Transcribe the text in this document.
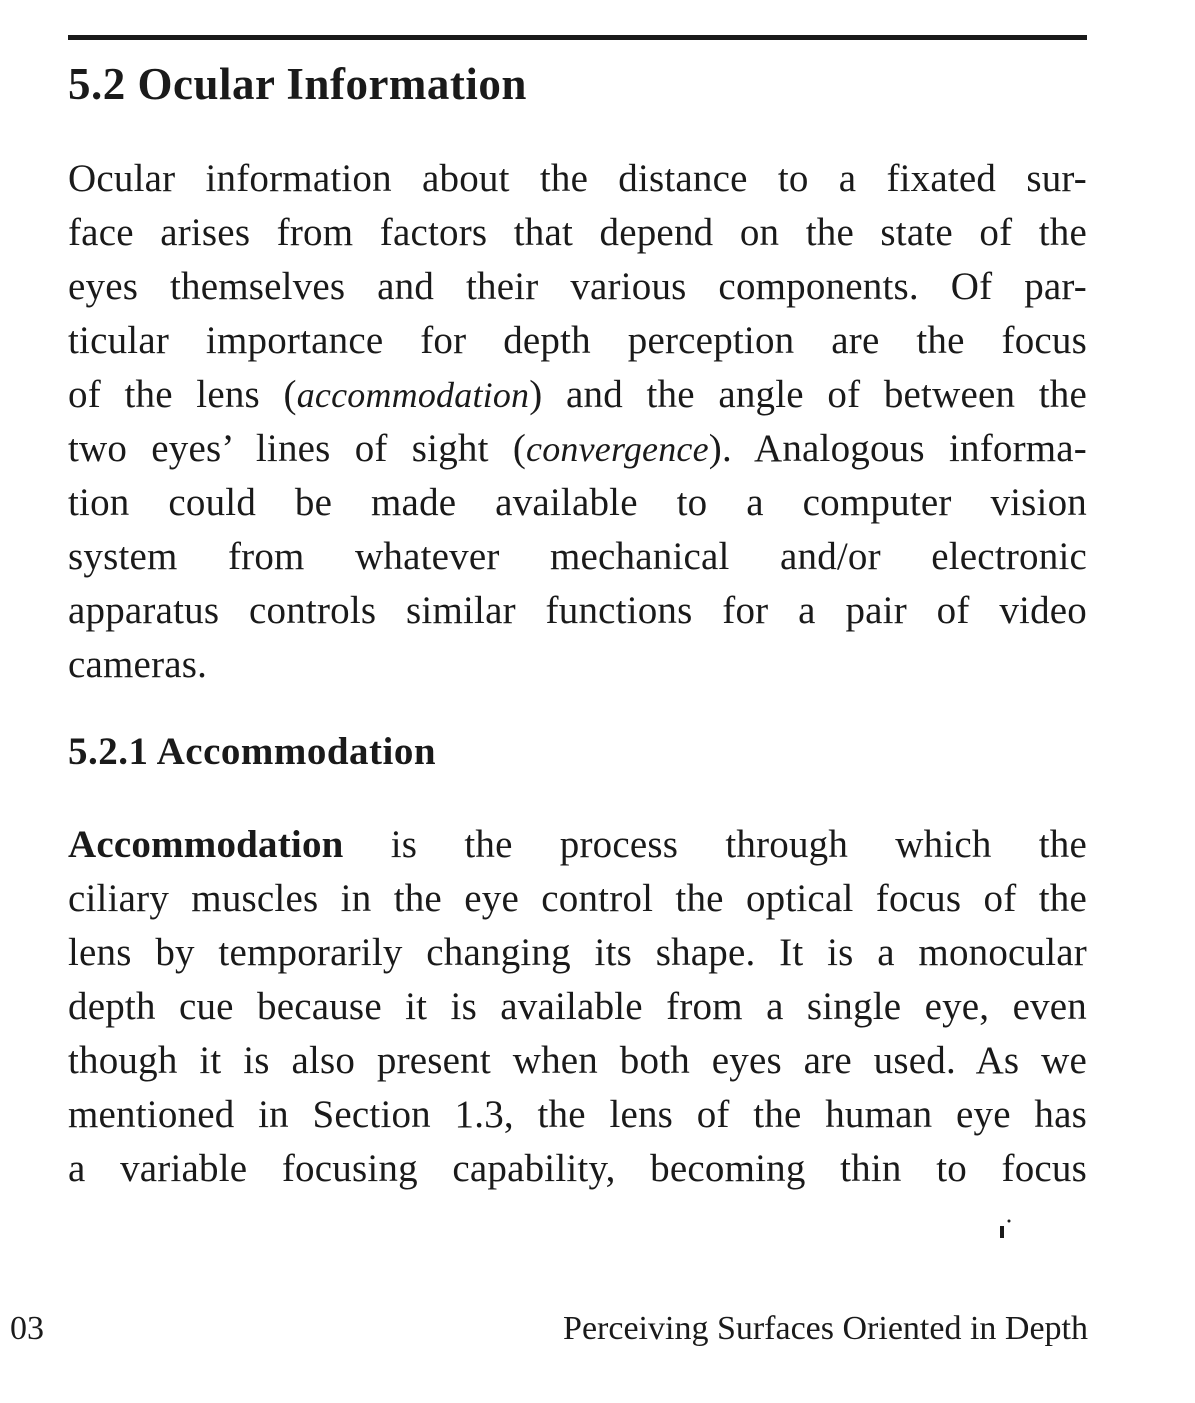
5.2 Ocular Information
Ocular information about the distance to a fixated sur-
face arises from factors that depend on the state of the
eyes themselves and their various components. Of par-
ticular importance for depth perception are the focus
of the lens (accommodation) and the angle of between the
two eyes’ lines of sight (convergence). Analogous informa-
tion could be made available to a computer vision
system from whatever mechanical and/or electronic
apparatus controls similar functions for a pair of video
cameras.
5.2.1 Accommodation
Accommodation is the process through which the
ciliary muscles in the eye control the optical focus of the
lens by temporarily changing its shape. It is a monocular
depth cue because it is available from a single eye, even
though it is also present when both eyes are used. As we
mentioned in Section 1.3, the lens of the human eye has
a variable focusing capability, becoming thin to focus
03	Perceiving Surfaces Oriented in Depth
